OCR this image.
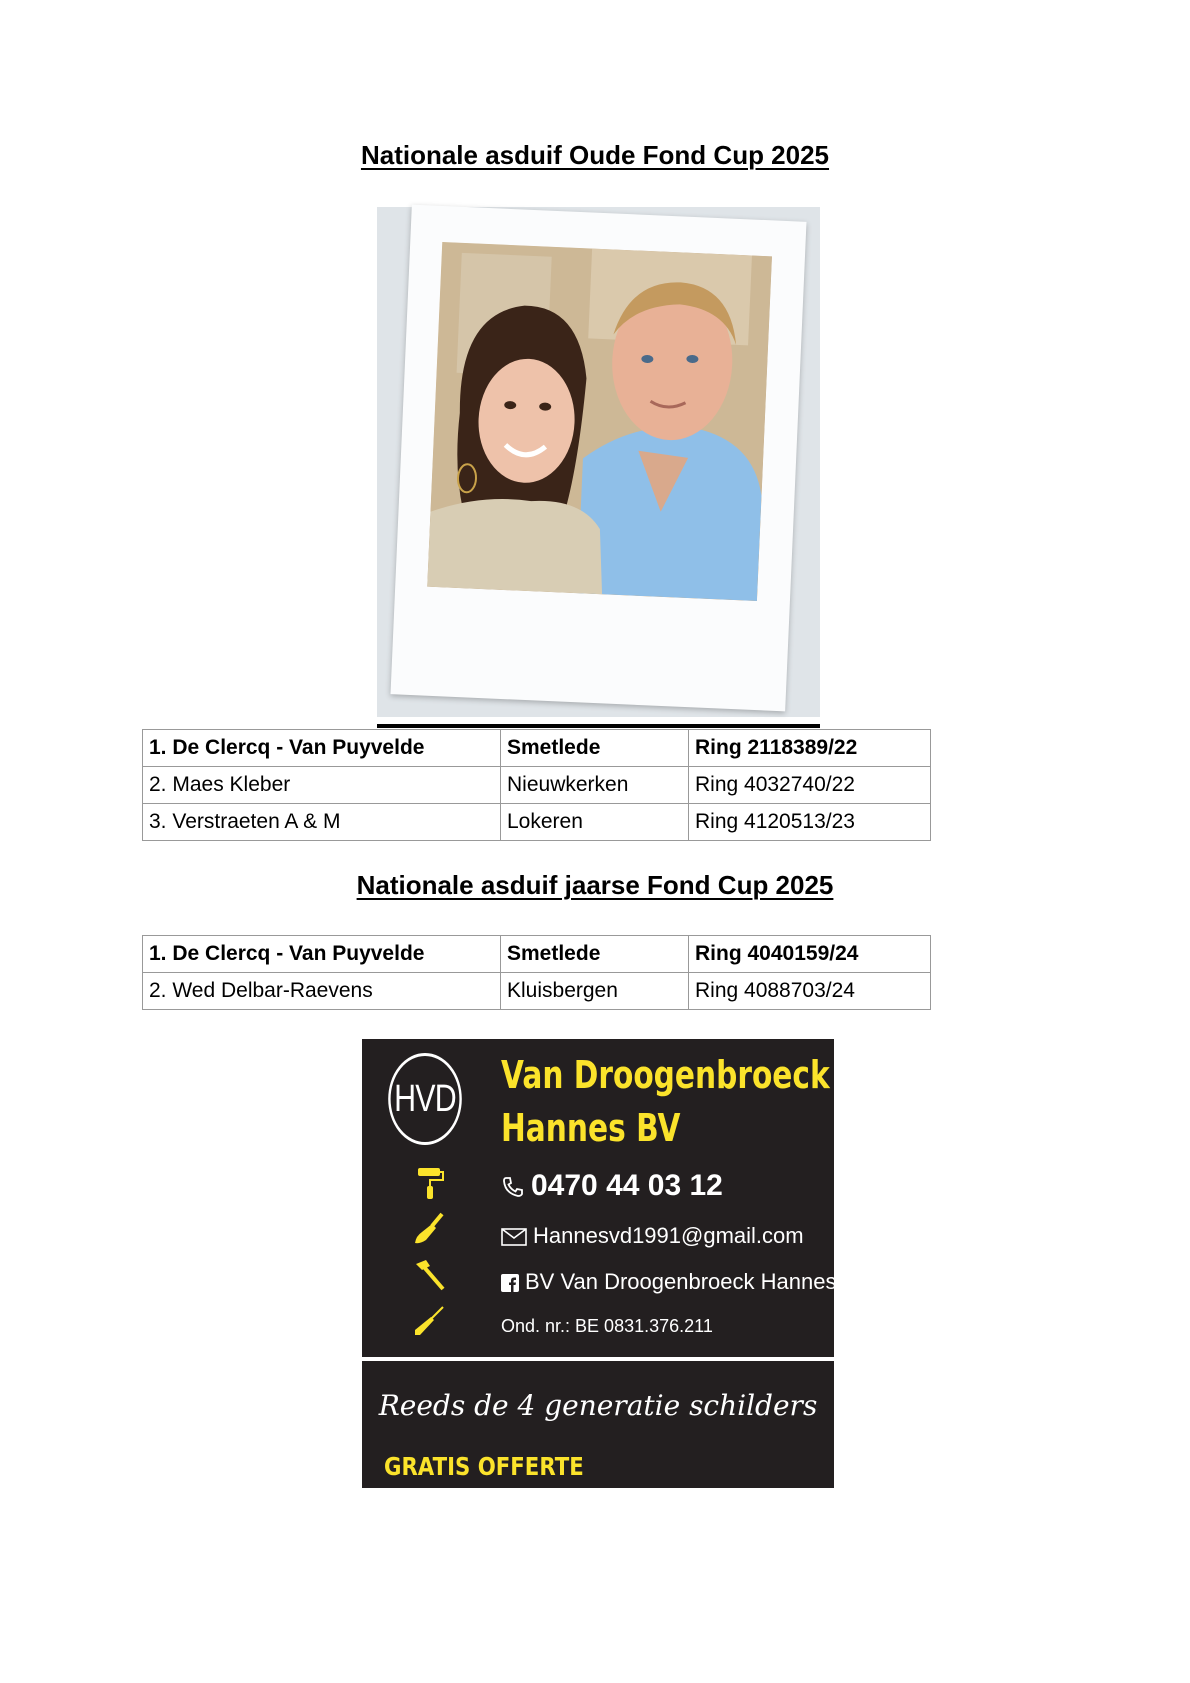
Nationale asduif Oude Fond Cup 2025
1. De Clercq - Van Puyvelde	Smetlede	Ring 2118389/22
2. Maes Kleber	Nieuwkerken	Ring 4032740/22
3. Verstraeten A & M	Lokeren	Ring 4120513/23
Nationale asduif jaarse Fond Cup 2025
1. De Clercq - Van Puyvelde	Smetlede	Ring 4040159/24
2. Wed Delbar-Raevens	Kluisbergen	Ring 4088703/24
HVD
Van Droogenbroeck
Hannes BV
0470 44 03 12
Hannesvd1991@gmail.com
BV Van Droogenbroeck Hannes
Ond. nr.: BE 0831.376.211
Reeds de 4 generatie schilders
GRATIS OFFERTE
